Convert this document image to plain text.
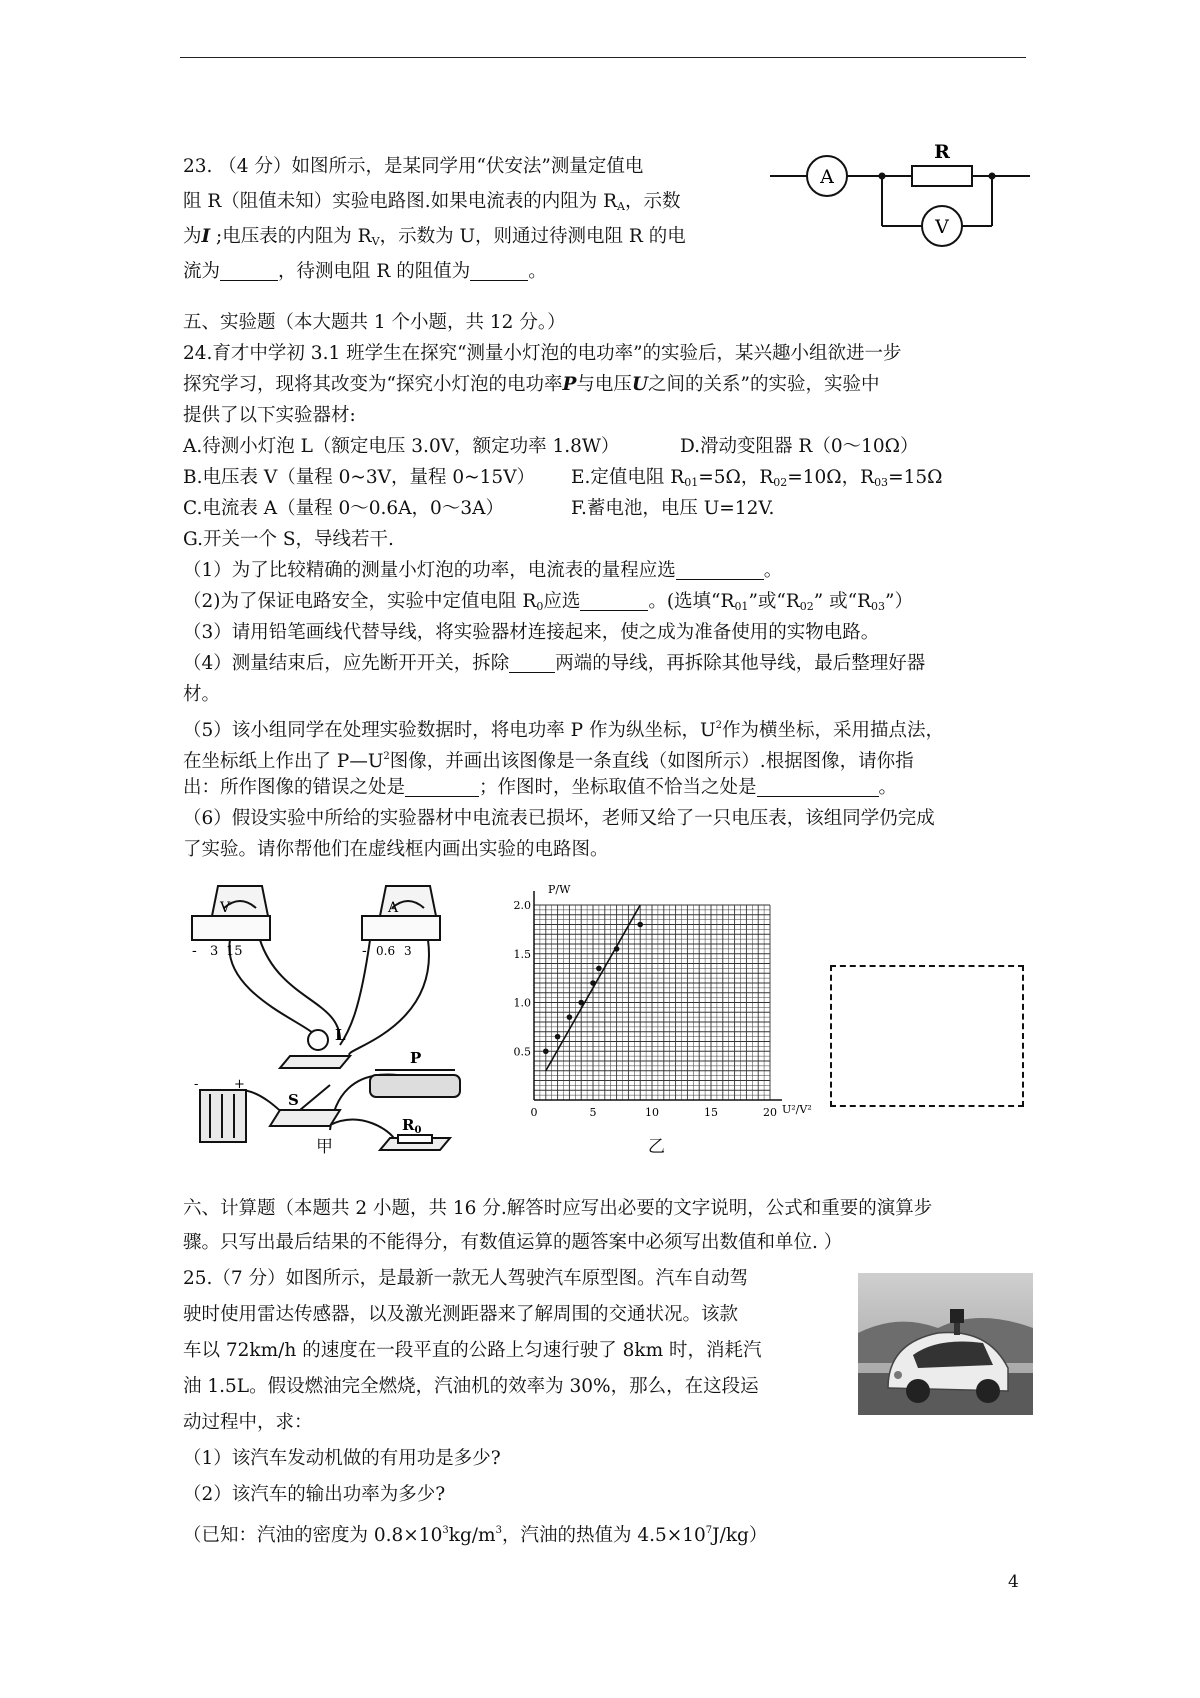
23. （4 分）如图所示，是某同学用“伏安法”测量定值电
阻 R（阻值未知）实验电路图.如果电流表的内阻为 $R_A$，示数
为I ;电压表的内阻为 $R_V$，示数为 U，则通过待测电阻 R 的电
流为	，待测电阻 R 的阻值为	。
A
R
V
五、实验题（本大题共 1 个小题，共 12 分。）
24.育才中学初 3.1 班学生在探究“测量小灯泡的电功率”的实验后，某兴趣小组欲进一步
探究学习，现将其改变为“探究小灯泡的电功率P与电压U之间的关系”的实验，实验中
提供了以下实验器材:
A.待测小灯泡 L（额定电压 3.0V，额定功率 1.8W）	D.滑动变阻器 R（0～10Ω）
B.电压表 V（量程 0~3V，量程 0~15V） E.定值电阻 $R_{01}=5\Omega$，$R_{02}=10\Omega$，$R_{03}=15\Omega$
C.电流表 A（量程 0～0.6A，0～3A）	F.蓄电池，电压 U=12V.
G.开关一个 S，导线若干.
（1）为了比较精确的测量小灯泡的功率，电流表的量程应选	。
（2)为了保证电路安全，实验中定值电阻 $R_0$应选	。(选填“$R_{01}$”或“$R_{02}$” 或“$R_{03}$”）
（3）请用铅笔画线代替导线，将实验器材连接起来，使之成为准备使用的实物电路。
（4）测量结束后，应先断开开关，拆除 两端的导线，再拆除其他导线，最后整理好器
材。
（5）该小组同学在处理实验数据时，将电功率 P 作为纵坐标，$U^2$作为横坐标，采用描点法，
在坐标纸上作出了 $P—U^2$图像，并画出该图像是一条直线（如图所示）.根据图像，请你指
出：所作图像的错误之处是	；作图时，坐标取值不恰当之处是	。
（6）假设实验中所给的实验器材中电流表已损坏，老师又给了一只电压表，该组同学仍完成
了实验。请你帮他们在虚线框内画出实验的电路图。
V
- 3 15
A
- 0.6 3
L
+
-
S
P
$R_0$
甲
0	5	10	15	20
0.5
1.0
1.5
2.0
P/W
U²/V²
乙
六、计算题（本题共 2 小题，共 16 分.解答时应写出必要的文字说明，公式和重要的演算步
骤。只写出最后结果的不能得分，有数值运算的题答案中必须写出数值和单位. ）
25.（7 分）如图所示，是最新一款无人驾驶汽车原型图。汽车自动驾
驶时使用雷达传感器，以及激光测距器来了解周围的交通状况。该款
车以 72km/h 的速度在一段平直的公路上匀速行驶了 8km 时，消耗汽
油 1.5L。假设燃油完全燃烧，汽油机的效率为 30%，那么，在这段运
动过程中，求：
（1）该汽车发动机做的有用功是多少?
（2）该汽车的输出功率为多少?
（已知：汽油的密度为 $0.8\times 10^3kg/m^3$，汽油的热值为 $4.5\times 10^7J/kg$）
4
